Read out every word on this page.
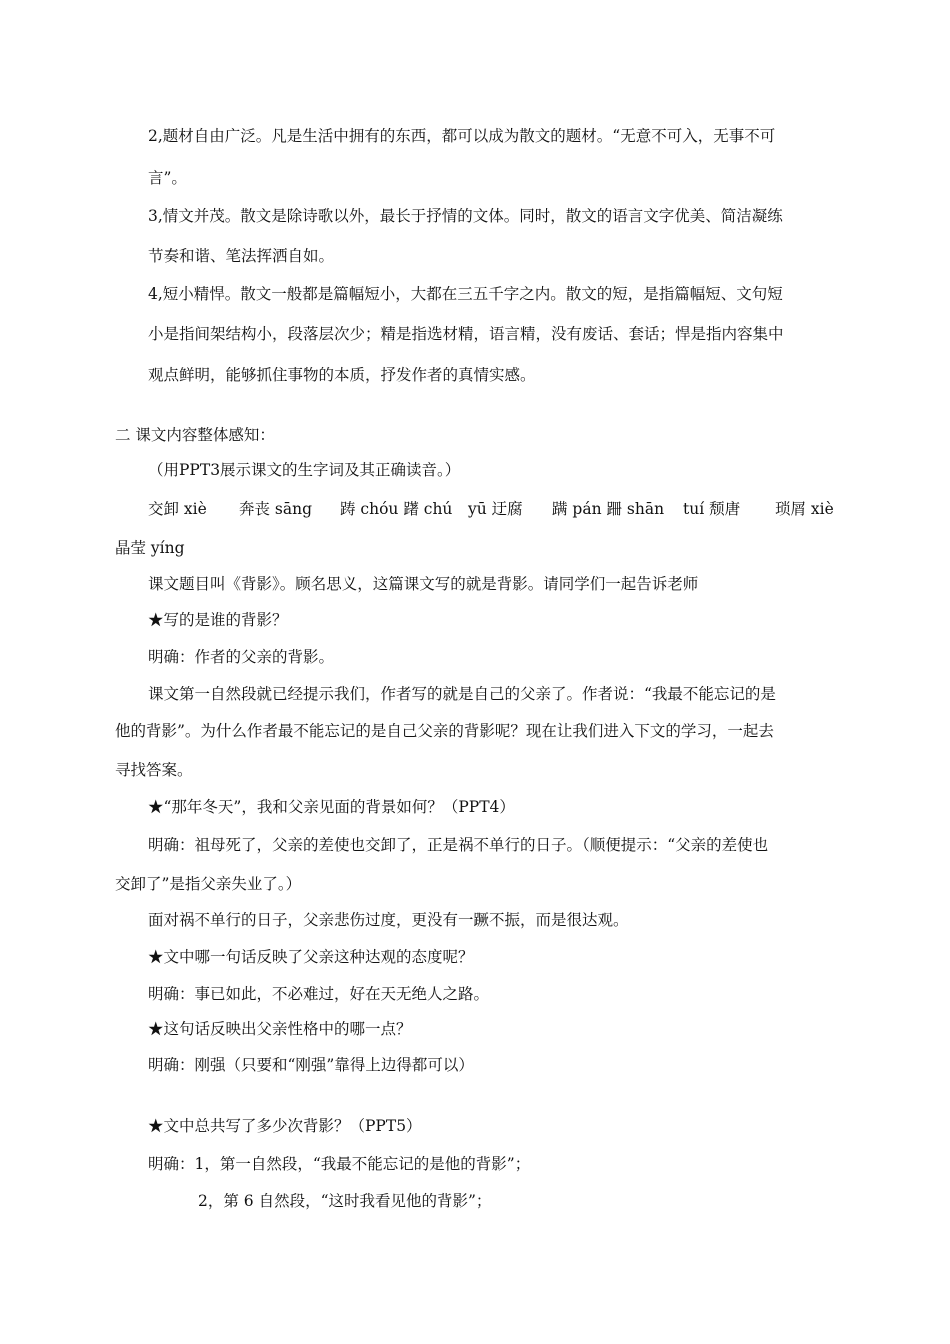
2,题材自由广泛。凡是生活中拥有的东西，都可以成为散文的题材。“无意不可入，无事不可
言”。
3,情文并茂。散文是除诗歌以外，最长于抒情的文体。同时，散文的语言文字优美、简洁凝练
节奏和谐、笔法挥洒自如。
4,短小精悍。散文一般都是篇幅短小，大都在三五千字之内。散文的短，是指篇幅短、文句短
小是指间架结构小，段落层次少；精是指选材精，语言精，没有废话、套话；悍是指内容集中
观点鲜明，能够抓住事物的本质，抒发作者的真情实感。
二 课文内容整体感知：
（用PPT3展示课文的生字词及其正确读音。）
交卸 xiè 奔丧 sāng 踌 chóu 躇 chú yū 迂腐 蹒 pán 跚 shān tuí 颓唐 琐屑 xiè
晶莹 yíng
课文题目叫《背影》。顾名思义，这篇课文写的就是背影。请同学们一起告诉老师
★写的是谁的背影？
明确：作者的父亲的背影。
课文第一自然段就已经提示我们，作者写的就是自己的父亲了。作者说：“我最不能忘记的是
他的背影”。为什么作者最不能忘记的是自己父亲的背影呢？现在让我们进入下文的学习，一起去
寻找答案。
★“那年冬天”，我和父亲见面的背景如何？（PPT4）
明确：祖母死了，父亲的差使也交卸了，正是祸不单行的日子。（顺便提示：“父亲的差使也
交卸了”是指父亲失业了。）
面对祸不单行的日子，父亲悲伤过度，更没有一蹶不振，而是很达观。
★文中哪一句话反映了父亲这种达观的态度呢？
明确：事已如此，不必难过，好在天无绝人之路。
★这句话反映出父亲性格中的哪一点？
明确：刚强（只要和“刚强”靠得上边得都可以）
★文中总共写了多少次背影？（PPT5）
明确：1，第一自然段，“我最不能忘记的是他的背影”；
2，第 6 自然段，“这时我看见他的背影”；
